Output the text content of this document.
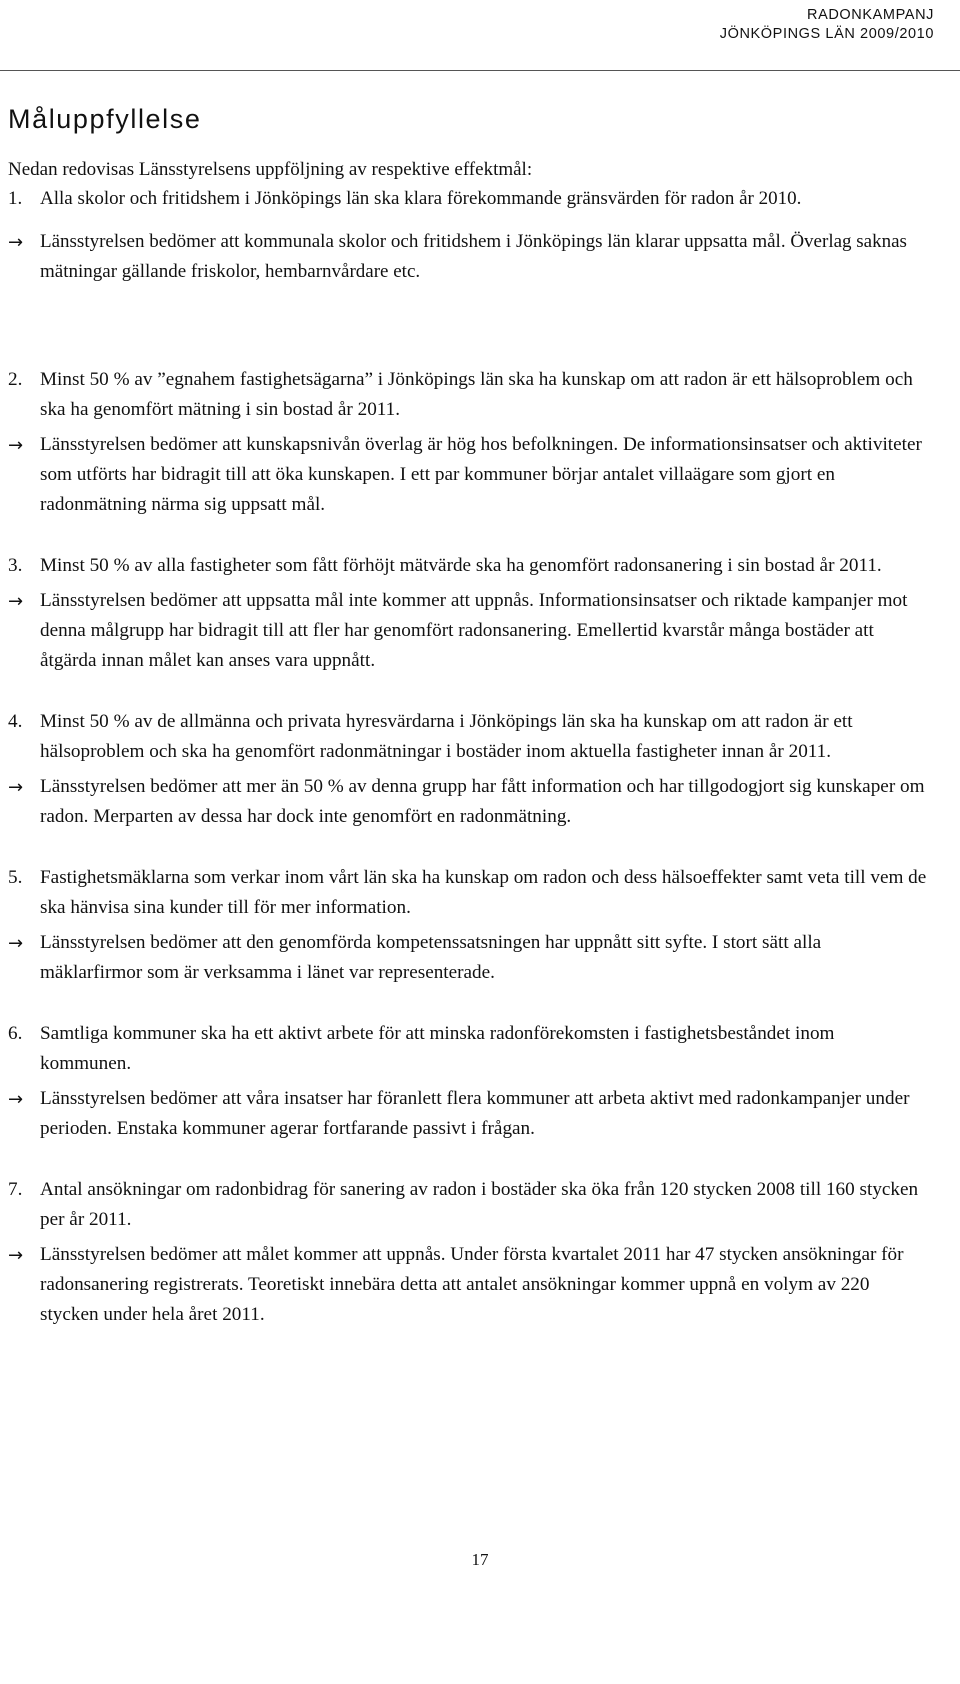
RADONKAMPANJ
JÖNKÖPINGS LÄN 2009/2010
Måluppfyllelse
Nedan redovisas Länsstyrelsens uppföljning av respektive effektmål:
1. Alla skolor och fritidshem i Jönköpings län ska klara förekommande gränsvärden för radon år 2010.
→ Länsstyrelsen bedömer att kommunala skolor och fritidshem i Jönköpings län klarar uppsatta mål. Överlag saknas mätningar gällande friskolor, hembarnvårdare etc.
2. Minst 50 % av ”egnahem fastighetsägarna” i Jönköpings län ska ha kunskap om att radon är ett hälsoproblem och ska ha genomfört mätning i sin bostad år 2011.
→ Länsstyrelsen bedömer att kunskapsnivån överlag är hög hos befolkningen. De informationsinsatser och aktiviteter som utförts har bidragit till att öka kunskapen. I ett par kommuner börjar antalet villaägare som gjort en radonmätning närma sig uppsatt mål.
3. Minst 50 % av alla fastigheter som fått förhöjt mätvärde ska ha genomfört radonsanering i sin bostad år 2011.
→ Länsstyrelsen bedömer att uppsatta mål inte kommer att uppnås. Informationsinsatser och riktade kampanjer mot denna målgrupp har bidragit till att fler har genomfört radonsanering. Emellertid kvarstår många bostäder att åtgärda innan målet kan anses vara uppnått.
4. Minst 50 % av de allmänna och privata hyresvärdarna i Jönköpings län ska ha kunskap om att radon är ett hälsoproblem och ska ha genomfört radonmätningar i bostäder inom aktuella fastigheter innan år 2011.
→ Länsstyrelsen bedömer att mer än 50 % av denna grupp har fått information och har tillgodogjort sig kunskaper om radon. Merparten av dessa har dock inte genomfört en radonmätning.
5. Fastighetsmäklarna som verkar inom vårt län ska ha kunskap om radon och dess hälsoeffekter samt veta till vem de ska hänvisa sina kunder till för mer information.
→ Länsstyrelsen bedömer att den genomförda kompetenssatsningen har uppnått sitt syfte. I stort sätt alla mäklarfirmor som är verksamma i länet var representerade.
6. Samtliga kommuner ska ha ett aktivt arbete för att minska radonförekomsten i fastighetsbeståndet inom kommunen.
→ Länsstyrelsen bedömer att våra insatser har föranlett flera kommuner att arbeta aktivt med radonkampanjer under perioden. Enstaka kommuner agerar fortfarande passivt i frågan.
7. Antal ansökningar om radonbidrag för sanering av radon i bostäder ska öka från 120 stycken 2008 till 160 stycken per år 2011.
→ Länsstyrelsen bedömer att målet kommer att uppnås. Under första kvartalet 2011 har 47 stycken ansökningar för radonsanering registrerats. Teoretiskt innebära detta att antalet ansökningar kommer uppnå en volym av 220 stycken under hela året 2011.
17
